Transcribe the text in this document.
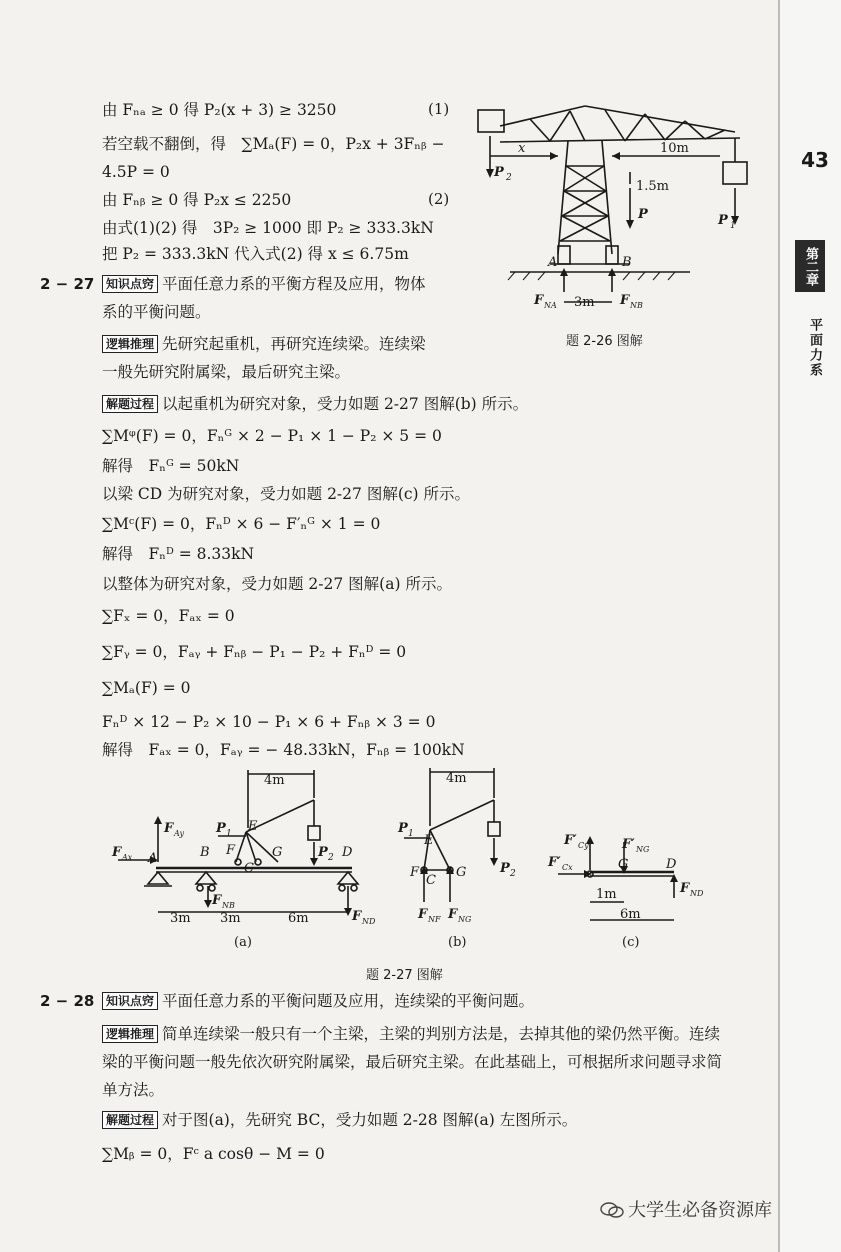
43
第二章
平面力系
由 Fₙₐ ≥ 0 得 P₂(x + 3) ≥ 3250	(1)
若空载不翻倒，得　∑Mₐ(F) = 0，P₂x + 3Fₙᵦ −
4.5P = 0
由 Fₙᵦ ≥ 0 得 P₂x ≤ 2250	(2)
由式(1)(2) 得　3P₂ ≥ 1000 即 P₂ ≥ 333.3kN
把 P₂ = 333.3kN 代入式(2) 得 x ≤ 6.75m
x	10m
1.5m
P	P 1
P 2
A	B
F NA	F NB
3m
题 2-26 图解
2 − 27 知识点窍 平面任意力系的平衡方程及应用，物体
系的平衡问题。
逻辑推理 先研究起重机，再研究连续梁。连续梁
一般先研究附属梁，最后研究主梁。
解题过程 以起重机为研究对象，受力如题 2-27 图解(b) 所示。
∑Mᵠ(F) = 0，Fₙᴳ × 2 − P₁ × 1 − P₂ × 5 = 0
解得　Fₙᴳ = 50kN
以梁 CD 为研究对象，受力如题 2-27 图解(c) 所示。
∑Mᶜ(F) = 0，Fₙᴰ × 6 − F′ₙᴳ × 1 = 0
解得　Fₙᴰ = 8.33kN
以整体为研究对象，受力如题 2-27 图解(a) 所示。
∑Fₓ = 0，Fₐₓ = 0
∑Fᵧ = 0，Fₐᵧ + Fₙᵦ − P₁ − P₂ + Fₙᴰ = 0
∑Mₐ(F) = 0
Fₙᴰ × 12 − P₂ × 10 − P₁ × 6 + Fₙᵦ × 3 = 0
解得　Fₐₓ = 0，Fₐᵧ = − 48.33kN，Fₙᵦ = 100kN
A	B
C
D
E
F	G
4m
3m 3m	6m
F Ay
F Ax
F NB
F ND
P 1
P 2
4m
E
C
F	G
P 1
P 2
F NF F NG
G	D
F′ Cy	F′ NG
F′ Cx
F ND
1m
6m
(a)	(b)	(c)
题 2-27 图解
2 − 28 知识点窍 平面任意力系的平衡问题及应用，连续梁的平衡问题。
逻辑推理 简单连续梁一般只有一个主梁，主梁的判别方法是，去掉其他的梁仍然平衡。连续
梁的平衡问题一般先依次研究附属梁，最后研究主梁。在此基础上，可根据所求问题寻求简
单方法。
解题过程 对于图(a)，先研究 BC，受力如题 2-28 图解(a) 左图所示。
∑Mᵦ = 0，Fᶜ a cosθ − M = 0
大学生必备资源库
